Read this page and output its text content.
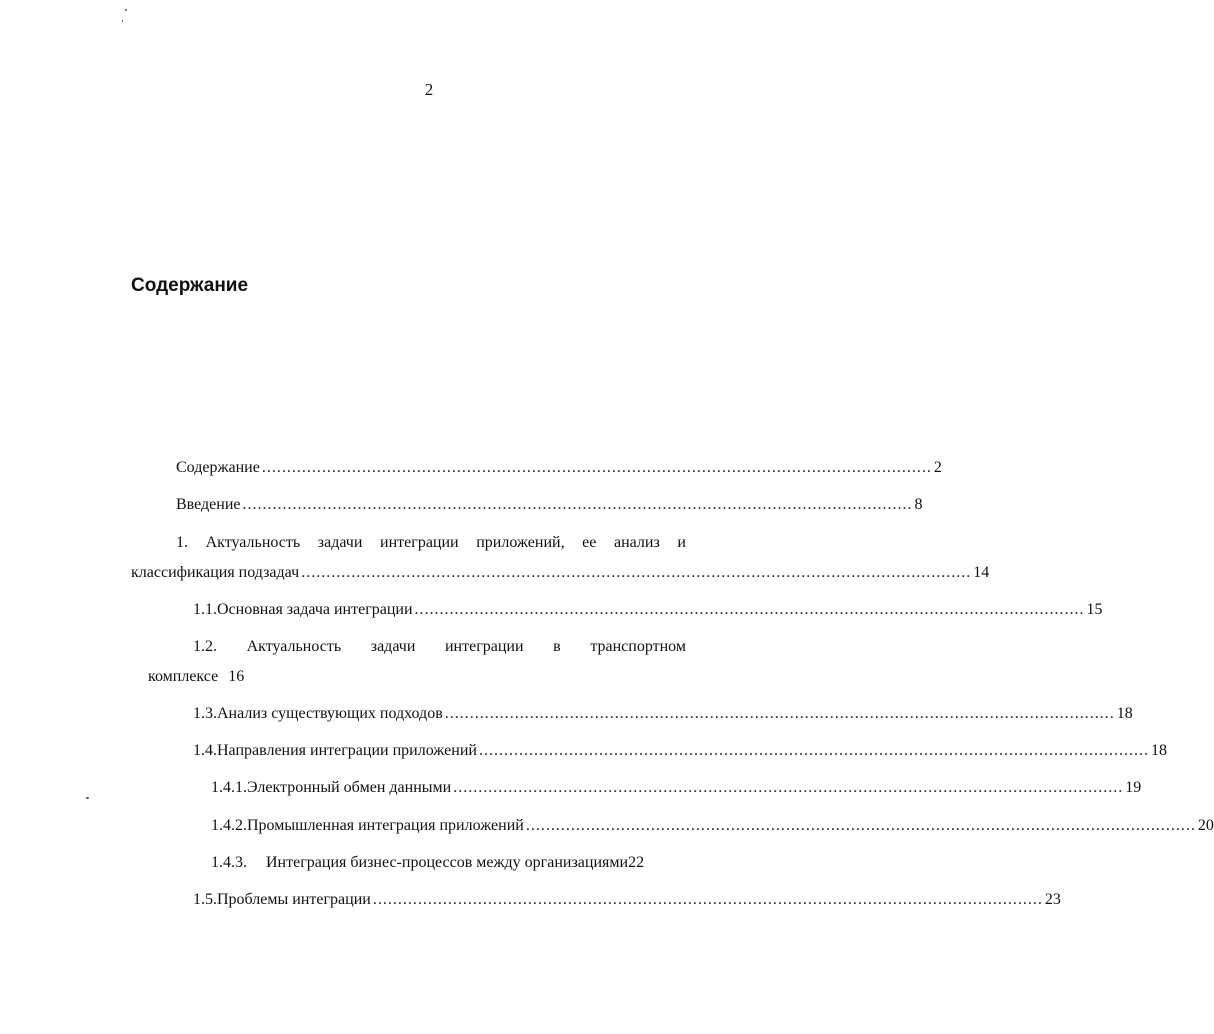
2
Содержание
Содержание ...................................................................................................................................... 2
Введение ...................................................................................................................................... 8
1. Актуальность задачи интеграции приложений, ее анализ и
классификация подзадач ...................................................................................................................................... 14
1.1. Основная задача интеграции ...................................................................................................................................... 15
1.2. Актуальность задачи интеграции в транспортном
комплексе 16
1.3. Анализ существующих подходов ...................................................................................................................................... 18
1.4. Направления интеграции приложений ...................................................................................................................................... 18
1.4.1. Электронный обмен данными ...................................................................................................................................... 19
1.4.2. Промышленная интеграция приложений ...................................................................................................................................... 20
1.4.3.	Интеграция бизнес-процессов между организациями 22
1.5. Проблемы интеграции ...................................................................................................................................... 23
